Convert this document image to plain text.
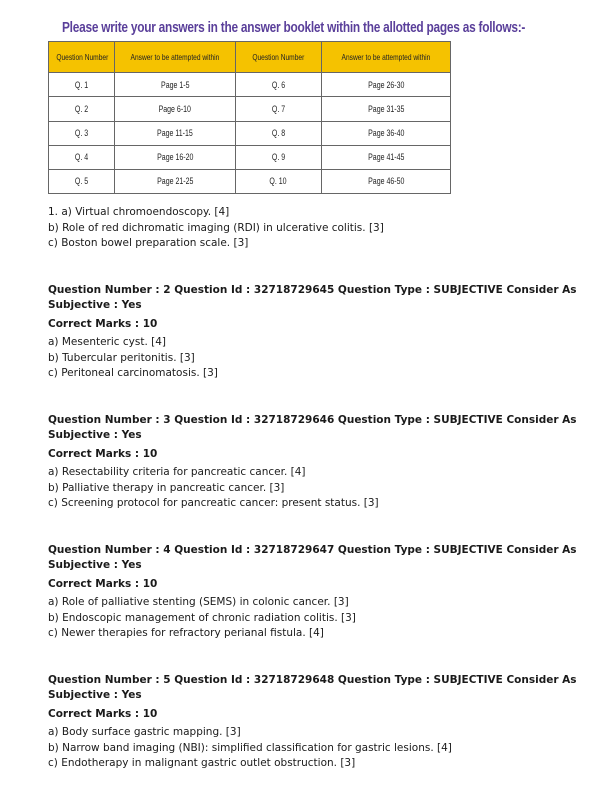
Please write your answers in the answer booklet within the allotted pages as follows:-
Question Number	Answer to be attempted within	Question Number	Answer to be attempted within
Q. 1	Page 1-5	Q. 6	Page 26-30
Q. 2	Page 6-10	Q. 7	Page 31-35
Q. 3	Page 11-15	Q. 8	Page 36-40
Q. 4	Page 16-20	Q. 9	Page 41-45
Q. 5	Page 21-25	Q. 10	Page 46-50
1. a) Virtual chromoendoscopy. [4]
b) Role of red dichromatic imaging (RDI) in ulcerative colitis. [3]
c) Boston bowel preparation scale. [3]
Question Number : 2 Question Id : 32718729645 Question Type : SUBJECTIVE Consider As
Subjective : Yes
Correct Marks : 10
a) Mesenteric cyst. [4]
b) Tubercular peritonitis. [3]
c) Peritoneal carcinomatosis. [3]
Question Number : 3 Question Id : 32718729646 Question Type : SUBJECTIVE Consider As
Subjective : Yes
Correct Marks : 10
a) Resectability criteria for pancreatic cancer. [4]
b) Palliative therapy in pancreatic cancer. [3]
c) Screening protocol for pancreatic cancer: present status. [3]
Question Number : 4 Question Id : 32718729647 Question Type : SUBJECTIVE Consider As
Subjective : Yes
Correct Marks : 10
a) Role of palliative stenting (SEMS) in colonic cancer. [3]
b) Endoscopic management of chronic radiation colitis. [3]
c) Newer therapies for refractory perianal fistula. [4]
Question Number : 5 Question Id : 32718729648 Question Type : SUBJECTIVE Consider As
Subjective : Yes
Correct Marks : 10
a) Body surface gastric mapping. [3]
b) Narrow band imaging (NBI): simplified classification for gastric lesions. [4]
c) Endotherapy in malignant gastric outlet obstruction. [3]
